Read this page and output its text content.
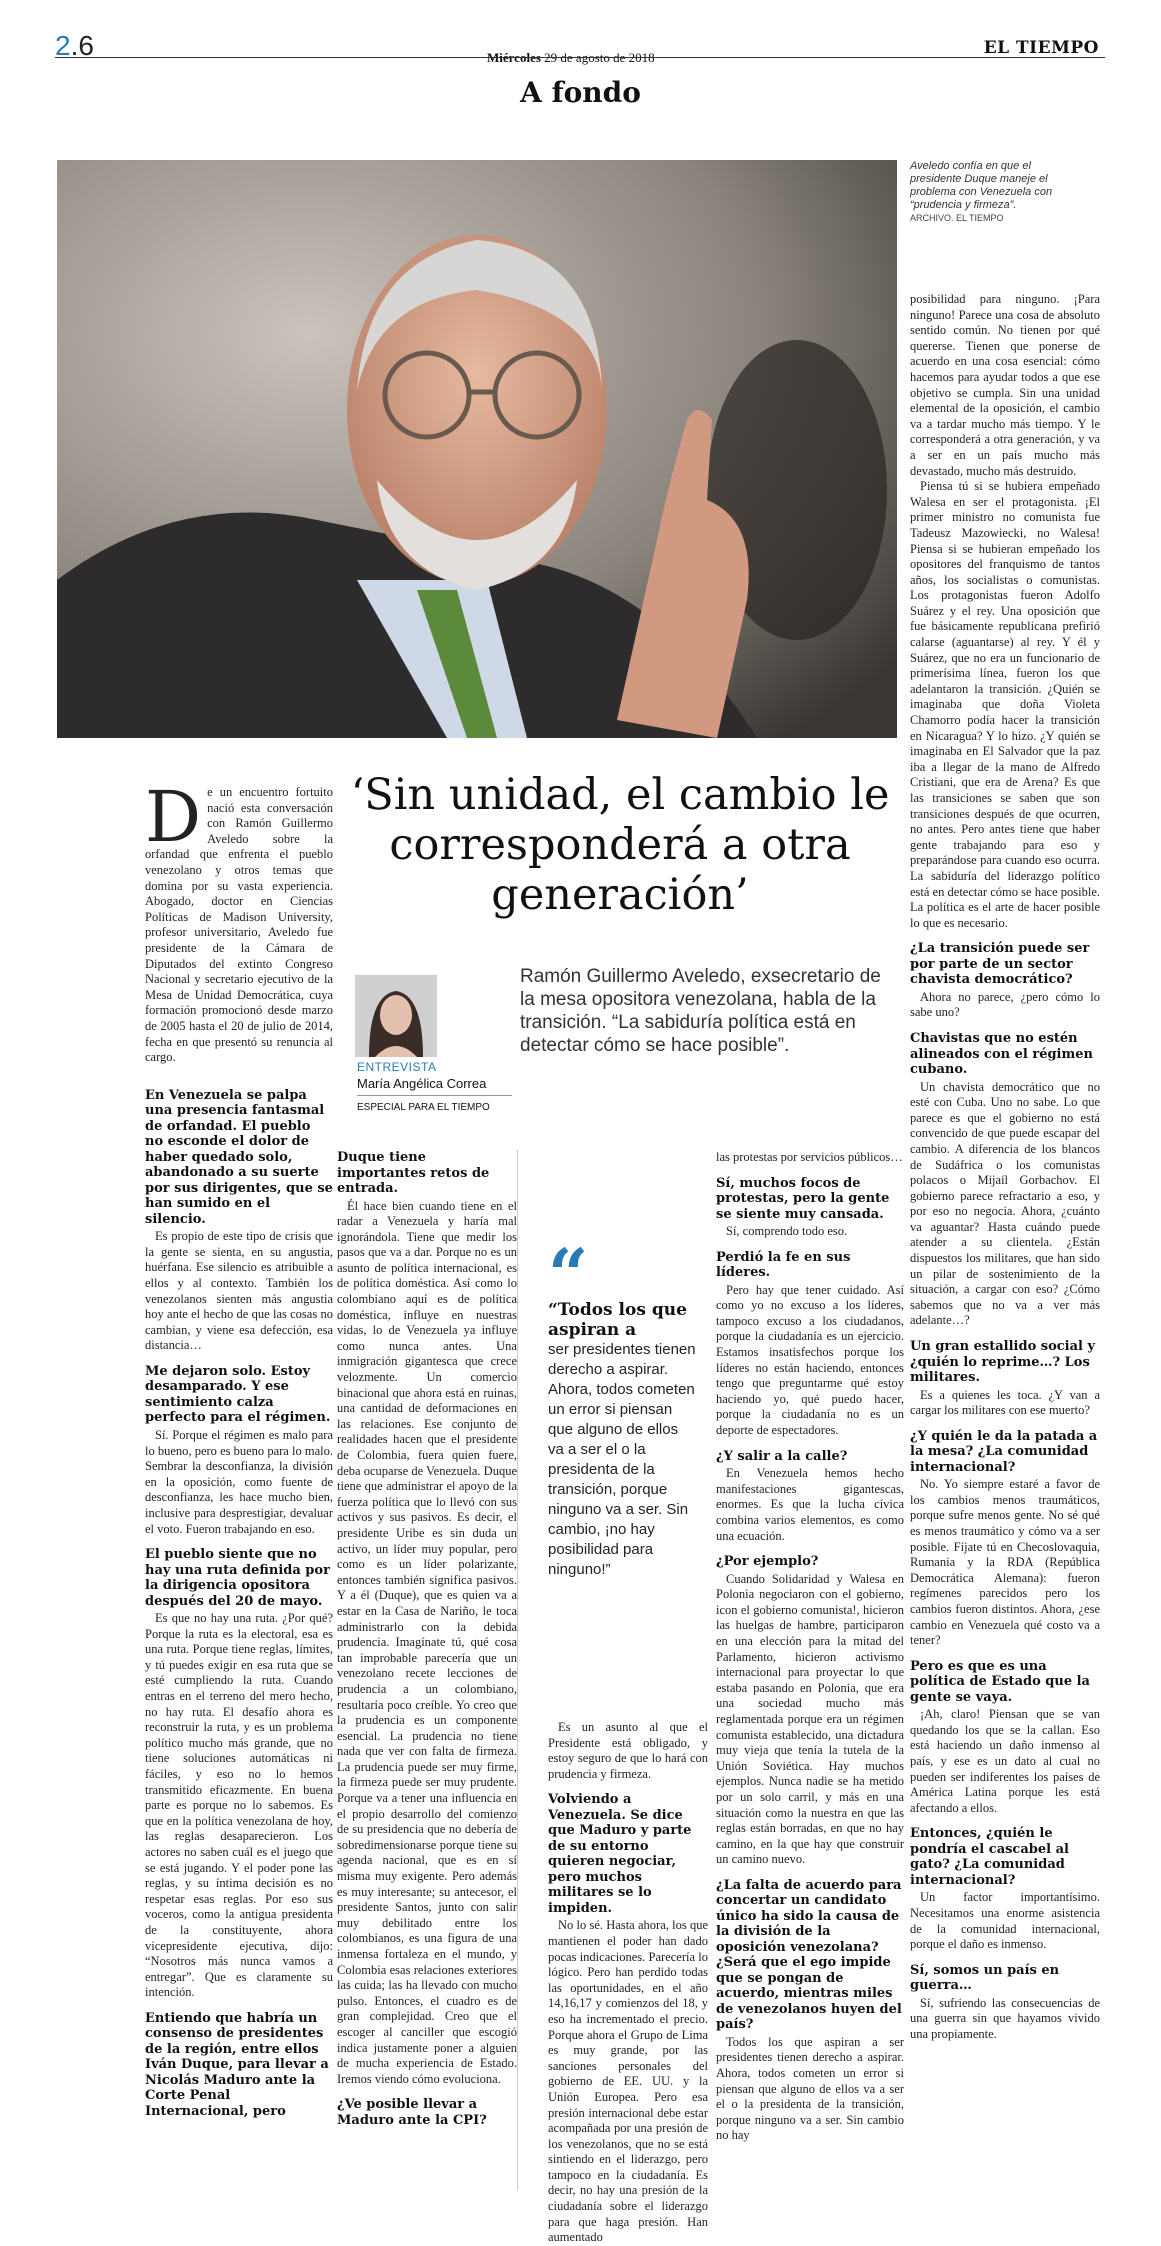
2.6	Miércoles 29 de agosto de 2018	EL TIEMPO
A fondo
Aveledo confía en que el presidente Duque maneje el problema con Venezuela con “prudencia y firmeza”.
ARCHIVO. EL TIEMPO
‘Sin unidad, el cambio le corresponderá a otra generación’
Ramón Guillermo Aveledo, exsecretario de la mesa opositora venezolana, habla de la transición. “La sabiduría política está en detectar cómo se hace posible”.
ENTREVISTA
María Angélica Correa
ESPECIAL PARA EL TIEMPO

De un encuentro fortuito nació esta conversación con Ramón Guillermo Aveledo sobre la orfandad que enfrenta el pueblo venezolano y otros temas que domina por su vasta experiencia. Abogado, doctor en Ciencias Políticas de Madison University, profesor universitario, Aveledo fue presidente de la Cámara de Diputados del extinto Congreso Nacional y secretario ejecutivo de la Mesa de Unidad Democrática, cuya formación promocionó desde marzo de 2005 hasta el 20 de julio de 2014, fecha en que presentó su renuncia al cargo.

En Venezuela se palpa una presencia fantasmal de orfandad. El pueblo no esconde el dolor de haber quedado solo, abandonado a su suerte por sus dirigentes, que se han sumido en el silencio.

Es propio de este tipo de crisis que la gente se sienta, en su angustia, huérfana. Ese silencio es atribuible a ellos y al contexto. También los venezolanos sienten más angustia hoy ante el hecho de que las cosas no cambian, y viene esa defección, esa distancia…

Me dejaron solo. Estoy desamparado. Y ese sentimiento calza perfecto para el régimen.

Sí. Porque el régimen es malo para lo bueno, pero es bueno para lo malo. Sembrar la desconfianza, la división en la oposición, como fuente de desconfianza, les hace mucho bien, inclusive para desprestigiar, devaluar el voto. Fueron trabajando en eso.

El pueblo siente que no hay una ruta definida por la dirigencia opositora después del 20 de mayo.

Es que no hay una ruta. ¿Por qué? Porque la ruta es la electoral, esa es una ruta. Porque tiene reglas, límites, y tú puedes exigir en esa ruta que se esté cumpliendo la ruta. Cuando entras en el terreno del mero hecho, no hay ruta. El desafío ahora es reconstruir la ruta, y es un problema político mucho más grande, que no tiene soluciones automáticas ni fáciles, y eso no lo hemos transmitido eficazmente. En buena parte es porque no lo sabemos. Es que en la política venezolana de hoy, las reglas desaparecieron. Los actores no saben cuál es el juego que se está jugando. Y el poder pone las reglas, y su íntima decisión es no respetar esas reglas. Por eso sus voceros, como la antigua presidenta de la constituyente, ahora vicepresidente ejecutiva, dijo: “Nosotros más nunca vamos a entregar”. Que es claramente su intención.

Entiendo que habría un consenso de presidentes de la región, entre ellos Iván Duque, para llevar a Nicolás Maduro ante la Corte Penal Internacional, pero
Duque tiene importantes retos de entrada.

Él hace bien cuando tiene en el radar a Venezuela y haría mal ignorándola. Tiene que medir los pasos que va a dar. Porque no es un asunto de política internacional, es de política doméstica. Así como lo colombiano aquí es de política doméstica, influye en nuestras vidas, lo de Venezuela ya influye como nunca antes. Una inmigración gigantesca que crece velozmente. Un comercio binacional que ahora está en ruinas, una cantidad de deformaciones en las relaciones. Ese conjunto de realidades hacen que el presidente de Colombia, fuera quien fuere, deba ocuparse de Venezuela. Duque tiene que administrar el apoyo de la fuerza política que lo llevó con sus activos y sus pasivos. Es decir, el presidente Uribe es sin duda un activo, un líder muy popular, pero como es un líder polarizante, entonces también significa pasivos. Y a él (Duque), que es quien va a estar en la Casa de Nariño, le toca administrarlo con la debida prudencia. Imagínate tú, qué cosa tan improbable parecería que un venezolano recete lecciones de prudencia a un colombiano, resultaría poco creíble. Yo creo que la prudencia es un componente esencial. La prudencia no tiene nada que ver con falta de firmeza. La prudencia puede ser muy firme, la firmeza puede ser muy prudente. Porque va a tener una influencia en el propio desarrollo del comienzo de su presidencia que no debería de sobredimensionarse porque tiene su agenda nacional, que es en sí misma muy exigente. Pero además es muy interesante; su antecesor, el presidente Santos, junto con salir muy debilitado entre los colombianos, es una figura de una inmensa fortaleza en el mundo, y Colombia esas relaciones exteriores las cuida; las ha llevado con mucho pulso. Entonces, el cuadro es de gran complejidad. Creo que el escoger al canciller que escogió indica justamente poner a alguien de mucha experiencia de Estado. Iremos viendo cómo evoluciona.

¿Ve posible llevar a Maduro ante la CPI?
“
“Todos los que aspiran a
ser presidentes tienen derecho a aspirar. Ahora, todos cometen un error si piensan que alguno de ellos va a ser el o la presidenta de la transición, porque ninguno va a ser. Sin cambio, ¡no hay posibilidad para ninguno!”

Es un asunto al que el Presidente está obligado, y estoy seguro de que lo hará con prudencia y firmeza.

Volviendo a Venezuela. Se dice que Maduro y parte de su entorno quieren negociar, pero muchos militares se lo impiden.

No lo sé. Hasta ahora, los que mantienen el poder han dado pocas indicaciones. Parecería lo lógico. Pero han perdido todas las oportunidades, en el año 14,16,17 y comienzos del 18, y eso ha incrementado el precio. Porque ahora el Grupo de Lima es muy grande, por las sanciones personales del gobierno de EE. UU. y la Unión Europea. Pero esa presión internacional debe estar acompañada por una presión de los venezolanos, que no se está sintiendo en el liderazgo, pero tampoco en la ciudadanía. Es decir, no hay una presión de la ciudadanía sobre el liderazgo para que haga presión. Han aumentado

las protestas por servicios públicos…

Sí, muchos focos de protestas, pero la gente se siente muy cansada.

Sí, comprendo todo eso.

Perdió la fe en sus líderes.

Pero hay que tener cuidado. Así como yo no excuso a los líderes, tampoco excuso a los ciudadanos, porque la ciudadanía es un ejercicio. Estamos insatisfechos porque los líderes no están haciendo, entonces tengo que preguntarme qué estoy haciendo yo, qué puedo hacer, porque la ciudadanía no es un deporte de espectadores.

¿Y salir a la calle?

En Venezuela hemos hecho manifestaciones gigantescas, enormes. Es que la lucha cívica combina varios elementos, es como una ecuación.

¿Por ejemplo?

Cuando Solidaridad y Walesa en Polonia negociaron con el gobierno, icon el gobierno comunista!, hicieron las huelgas de hambre, participaron en una elección para la mitad del Parlamento, hicieron activismo internacional para proyectar lo que estaba pasando en Polonia, que era una sociedad mucho más reglamentada porque era un régimen comunista establecido, una dictadura muy vieja que tenía la tutela de la Unión Soviética. Hay muchos ejemplos. Nunca nadie se ha metido por un solo carril, y más en una situación como la nuestra en que las reglas están borradas, en que no hay camino, en la que hay que construir un camino nuevo.

¿La falta de acuerdo para concertar un candidato único ha sido la causa de la división de la oposición venezolana? ¿Será que el ego impide que se pongan de acuerdo, mientras miles de venezolanos huyen del país?

Todos los que aspiran a ser presidentes tienen derecho a aspirar. Ahora, todos cometen un error si piensan que alguno de ellos va a ser el o la presidenta de la transición, porque ninguno va a ser. Sin cambio no hay

posibilidad para ninguno. ¡Para ninguno! Parece una cosa de absoluto sentido común. No tienen por qué quererse. Tienen que ponerse de acuerdo en una cosa esencial: cómo hacemos para ayudar todos a que ese objetivo se cumpla. Sin una unidad elemental de la oposición, el cambio va a tardar mucho más tiempo. Y le corresponderá a otra generación, y va a ser en un país mucho más devastado, mucho más destruido.

Piensa tú si se hubiera empeñado Walesa en ser el protagonista. ¡El primer ministro no comunista fue Tadeusz Mazowiecki, no Walesa! Piensa si se hubieran empeñado los opositores del franquismo de tantos años, los socialistas o comunistas. Los protagonistas fueron Adolfo Suárez y el rey. Una oposición que fue básicamente republicana prefirió calarse (aguantarse) al rey. Y él y Suárez, que no era un funcionario de primerísima línea, fueron los que adelantaron la transición. ¿Quién se imaginaba que doña Violeta Chamorro podía hacer la transición en Nicaragua? Y lo hizo. ¿Y quién se imaginaba en El Salvador que la paz iba a llegar de la mano de Alfredo Cristiani, que era de Arena? Es que las transiciones se saben que son transiciones después de que ocurren, no antes. Pero antes tiene que haber gente trabajando para eso y preparándose para cuando eso ocurra. La sabiduría del liderazgo político está en detectar cómo se hace posible. La política es el arte de hacer posible lo que es necesario.

¿La transición puede ser por parte de un sector chavista democrático?

Ahora no parece, ¿pero cómo lo sabe uno?

Chavistas que no estén alineados con el régimen cubano.

Un chavista democrático que no esté con Cuba. Uno no sabe. Lo que parece es que el gobierno no está convencido de que puede escapar del cambio. A diferencia de los blancos de Sudáfrica o los comunistas polacos o Mijaíl Gorbachov. El gobierno parece refractario a eso, y por eso no negocia. Ahora, ¿cuánto va aguantar? Hasta cuándo puede atender a su clientela. ¿Están dispuestos los militares, que han sido un pilar de sostenimiento de la situación, a cargar con eso? ¿Cómo sabemos que no va a ver más adelante…?

Un gran estallido social y ¿quién lo reprime…? Los militares.

Es a quienes les toca. ¿Y van a cargar los militares con ese muerto?

¿Y quién le da la patada a la mesa? ¿La comunidad internacional?

No. Yo siempre estaré a favor de los cambios menos traumáticos, porque sufre menos gente. No sé qué es menos traumático y cómo va a ser posible. Fíjate tú en Checoslovaquia, Rumania y la RDA (República Democrática Alemana): fueron regímenes parecidos pero los cambios fueron distintos. Ahora, ¿ese cambio en Venezuela qué costo va a tener?

Pero es que es una política de Estado que la gente se vaya.

¡Ah, claro! Piensan que se van quedando los que se la callan. Eso está haciendo un daño inmenso al país, y ese es un dato al cual no pueden ser indiferentes los países de América Latina porque les está afectando a ellos.

Entonces, ¿quién le pondría el cascabel al gato? ¿La comunidad internacional?

Un factor importantísimo. Necesitamos una enorme asistencia de la comunidad internacional, porque el daño es inmenso.

Sí, somos un país en guerra…

Sí, sufriendo las consecuencias de una guerra sin que hayamos vivido una propiamente.
